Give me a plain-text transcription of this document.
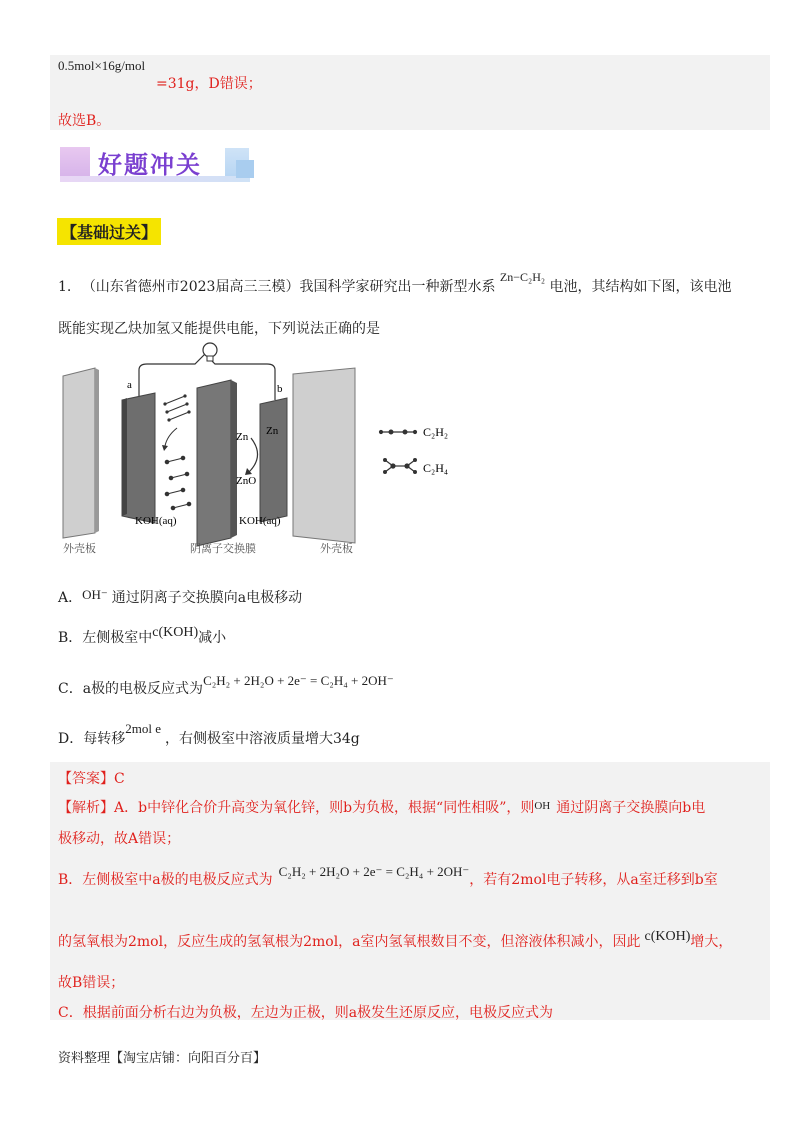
0.5mol×16g/mol
=31g，D错误；
故选B。
好题冲关
【基础过关】
1. （山东省德州市2023届高三三模）我国科学家研究出一种新型水系 Zn−C₂H₂ 电池，其结构如下图，该电池
既能实现乙炔加氢又能提供电能，下列说法正确的是
a	b
Zn
ZnO
Zn
KOH(aq)	KOH(aq)
外壳板	阴离子交换膜	外壳板
C₂H₂
C₂H₄
A．OH⁻ 通过阴离子交换膜向a电极移动
B．左侧极室中c(KOH)减小
C．a极的电极反应式为C₂H₂ + 2H₂O + 2e⁻ = C₂H₄ + 2OH⁻
D．每转移2mol e，右侧极室中溶液质量增大34g
【答案】C
【解析】A．b中锌化合价升高变为氧化锌，则b为负极，根据“同性相吸”，则$^{OH}$ 通过阴离子交换膜向b电
极移动，故A错误；
B．左侧极室中a极的电极反应式为C₂H₂ + 2H₂O + 2e⁻ = C₂H₄ + 2OH⁻，若有2mol电子转移，从a室迁移到b室
的氢氧根为2mol，反应生成的氢氧根为2mol，a室内氢氧根数目不变，但溶液体积减小，因此 c(KOH)增大，
故B错误；
C．根据前面分析右边为负极，左边为正极，则a极发生还原反应，电极反应式为
资料整理【淘宝店铺：向阳百分百】
